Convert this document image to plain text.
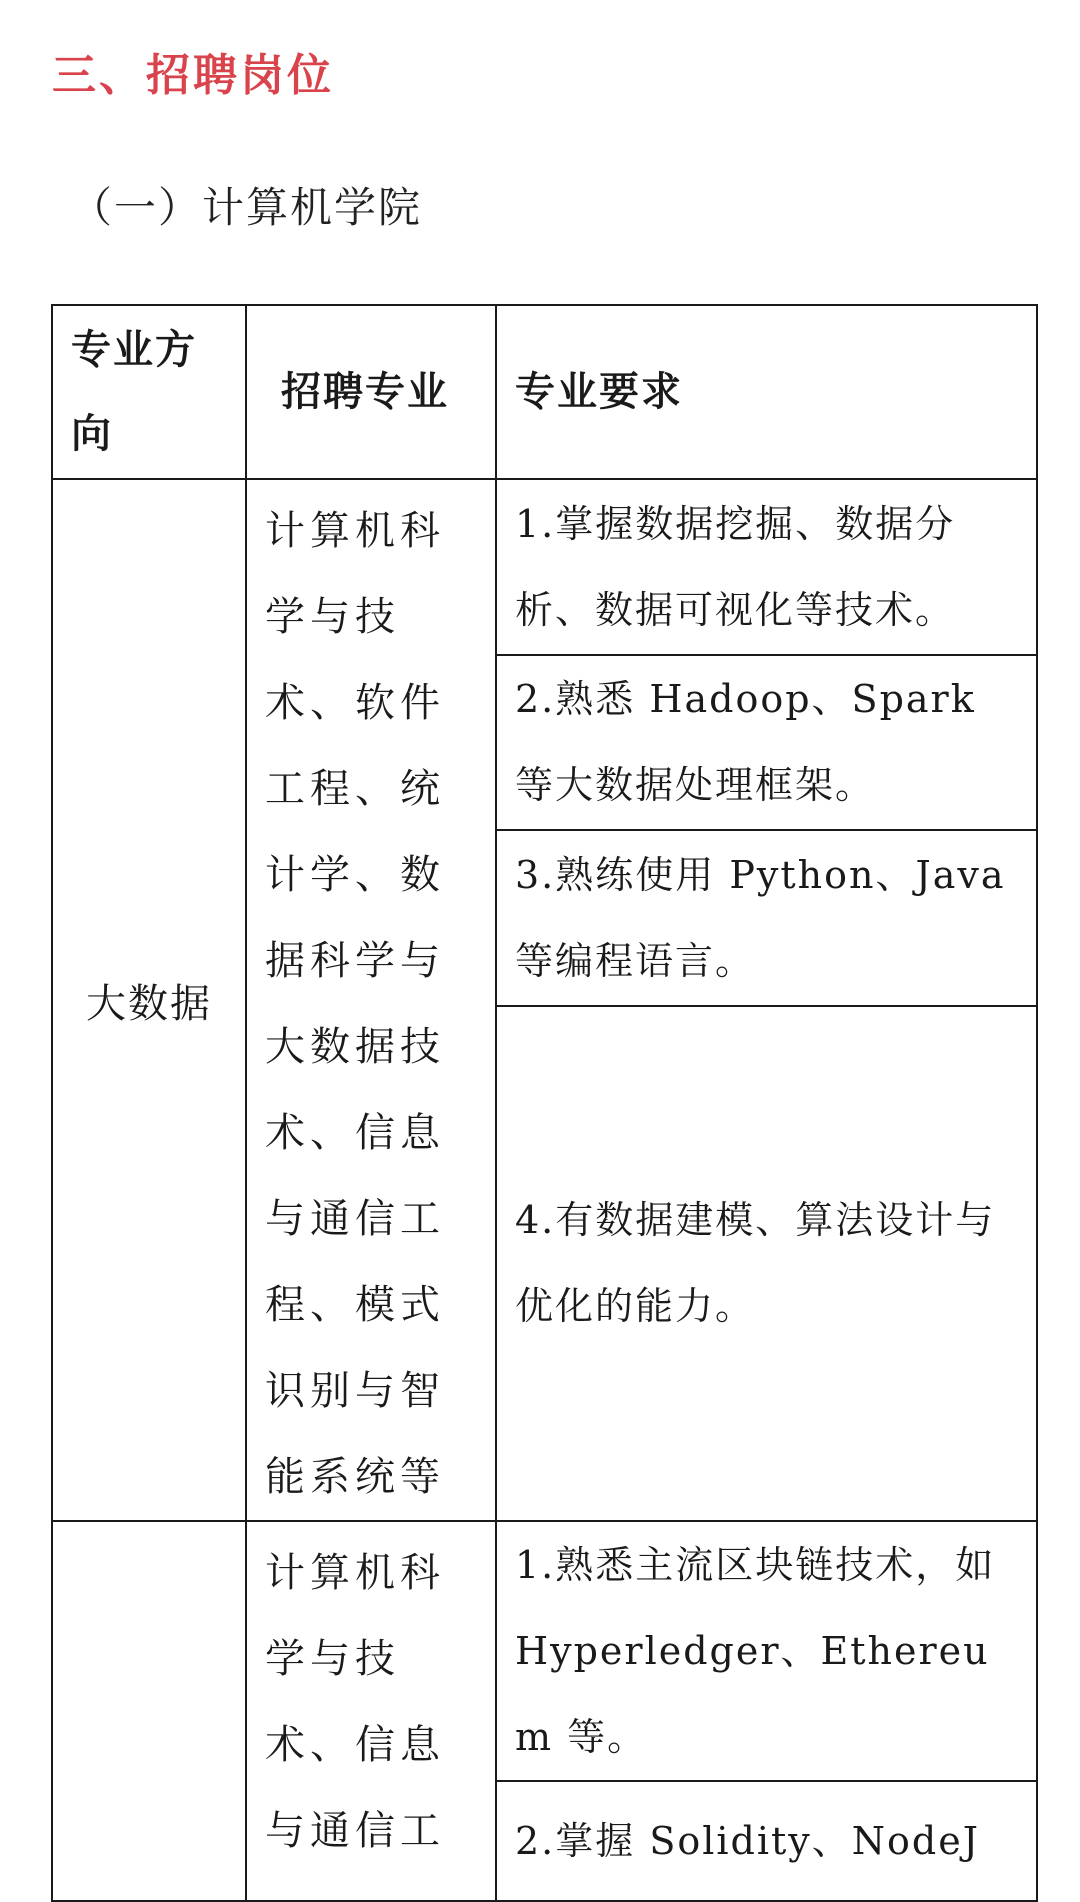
三、招聘岗位
（一）计算机学院
专业方向	招聘专业	专业要求
大数据	计算机科学与技术、软件工程、统计学、数据科学与大数据技术、信息与通信工程、模式识别与智能系统等	1.掌握数据挖掘、数据分析、数据可视化等技术。
		2.熟悉 Hadoop、Spark 等大数据处理框架。
		3.熟练使用 Python、Java 等编程语言。
		4.有数据建模、算法设计与优化的能力。

	计算机科学与技术、信息与通信工	1.熟悉主流区块链技术，如 Hyperledger、Ethereum 等。
		2.掌握 Solidity、NodeJ
